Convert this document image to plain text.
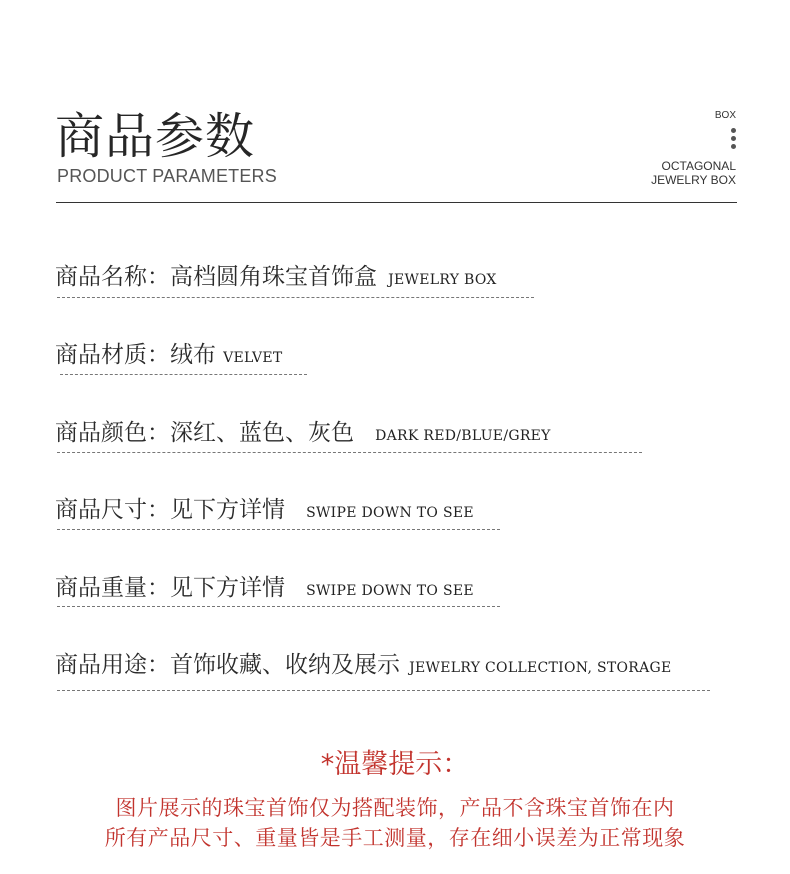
商品参数
PRODUCT PARAMETERS
BOX
OCTAGONAL
JEWELRY BOX
商品名称：高档圆角珠宝首饰盒 JEWELRY BOX
商品材质：绒布 VELVET
商品颜色：深红、蓝色、灰色 DARK RED/BLUE/GREY
商品尺寸：见下方详情 SWIPE DOWN TO SEE
商品重量：见下方详情 SWIPE DOWN TO SEE
商品用途：首饰收藏、收纳及展示 JEWELRY COLLECTION, STORAGE
*温馨提示：
图片展示的珠宝首饰仅为搭配装饰，产品不含珠宝首饰在内
所有产品尺寸、重量皆是手工测量，存在细小误差为正常现象
